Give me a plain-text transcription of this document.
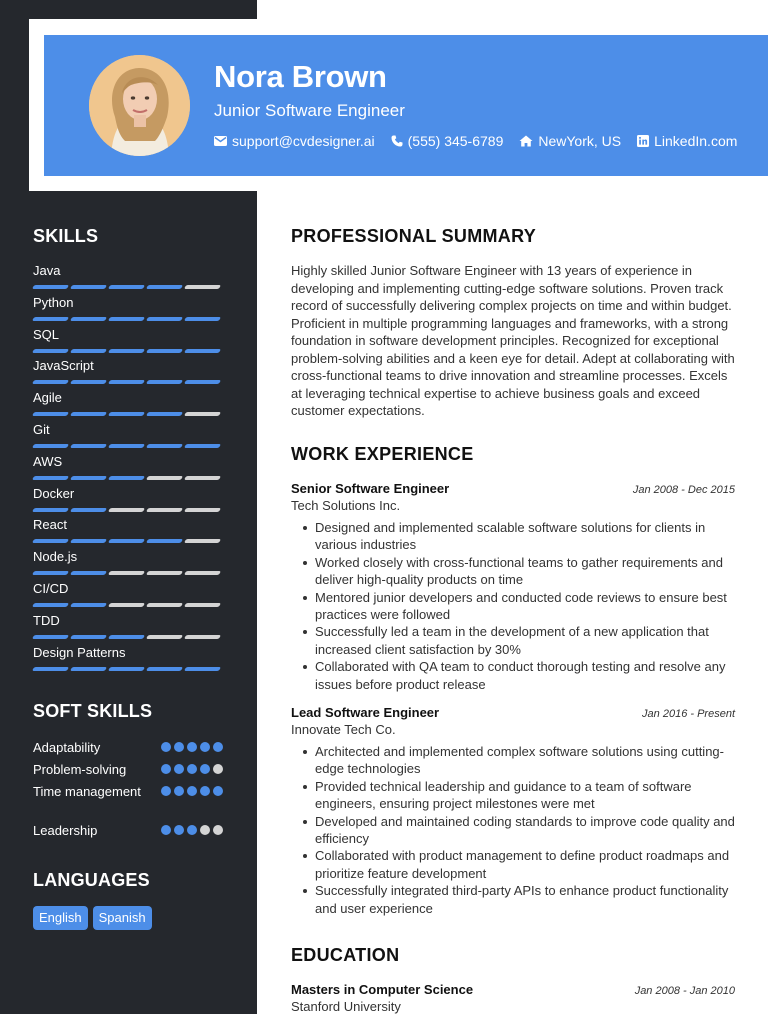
Nora Brown
Junior Software Engineer
support@cvdesigner.ai (555) 345-6789	NewYork, US LinkedIn.com
SKILLS
Java
Python
SQL
JavaScript
Agile
Git
AWS
Docker
React
Node.js
CI/CD
TDD
Design Patterns
SOFT SKILLS
Adaptability
Problem-solving
Time management
Leadership
LANGUAGES
English	Spanish
PROFESSIONAL SUMMARY

Highly skilled Junior Software Engineer with 13 years of experience in developing and implementing cutting-edge software solutions. Proven track record of successfully delivering complex projects on time and within budget. Proficient in multiple programming languages and frameworks, with a strong foundation in software development principles. Recognized for exceptional problem-solving abilities and a keen eye for detail. Adept at collaborating with cross-functional teams to drive innovation and streamline processes. Excels at leveraging technical expertise to achieve business goals and exceed customer expectations.

WORK EXPERIENCE
Senior Software Engineer	Jan 2008 - Dec 2015
Tech Solutions Inc.
Designed and implemented scalable software solutions for clients in various industries
Worked closely with cross-functional teams to gather requirements and deliver high-quality products on time
Mentored junior developers and conducted code reviews to ensure best practices were followed
Successfully led a team in the development of a new application that increased client satisfaction by 30%
Collaborated with QA team to conduct thorough testing and resolve any issues before product release
Lead Software Engineer	Jan 2016 - Present
Innovate Tech Co.
Architected and implemented complex software solutions using cutting-edge technologies
Provided technical leadership and guidance to a team of software engineers, ensuring project milestones were met
Developed and maintained coding standards to improve code quality and efficiency
Collaborated with product management to define product roadmaps and prioritize feature development
Successfully integrated third-party APIs to enhance product functionality and user experience
EDUCATION
Masters in Computer Science	Jan 2008 - Jan 2010
Stanford University
